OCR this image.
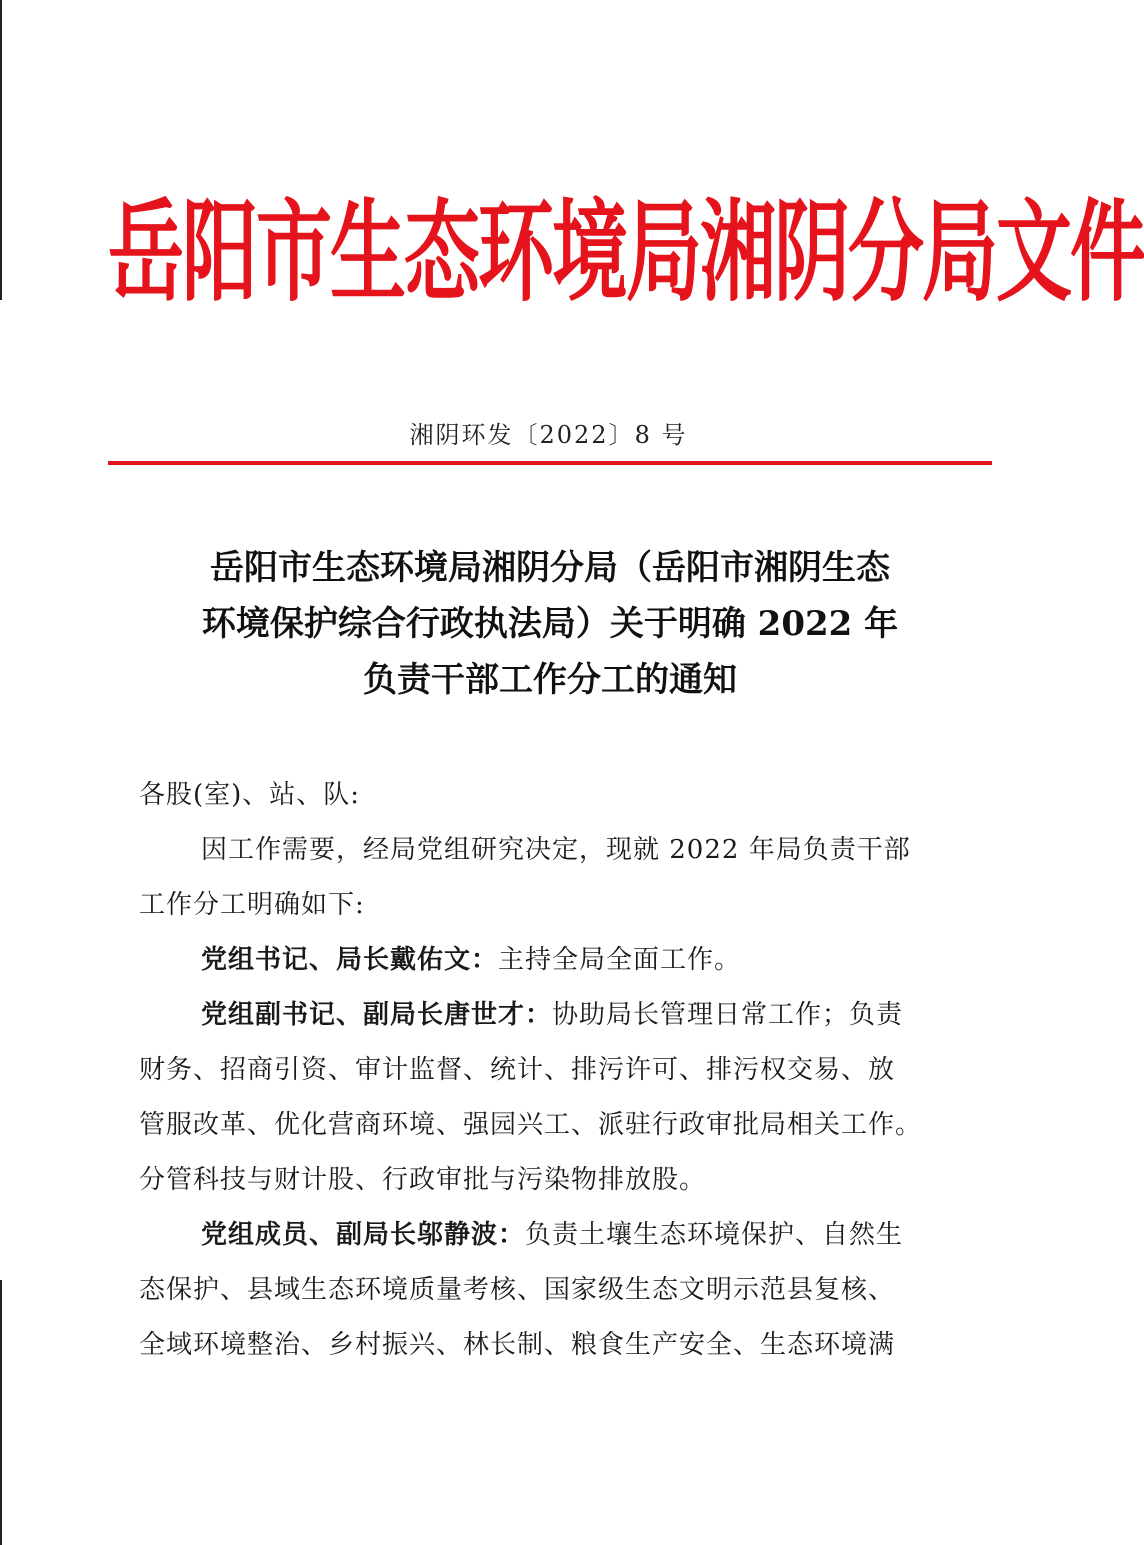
岳阳市生态环境局湘阴分局文件
湘阴环发〔2022〕8 号
岳阳市生态环境局湘阴分局（岳阳市湘阴生态
环境保护综合行政执法局）关于明确 2022 年
负责干部工作分工的通知
各股(室)、站、队:
因工作需要，经局党组研究决定，现就 2022 年局负责干部
工作分工明确如下:
党组书记、局长戴佑文：主持全局全面工作。
党组副书记、副局长唐世才：协助局长管理日常工作；负责
财务、招商引资、审计监督、统计、排污许可、排污权交易、放
管服改革、优化营商环境、强园兴工、派驻行政审批局相关工作。
分管科技与财计股、行政审批与污染物排放股。
党组成员、副局长邬静波：负责土壤生态环境保护、自然生
态保护、县域生态环境质量考核、国家级生态文明示范县复核、
全域环境整治、乡村振兴、林长制、粮食生产安全、生态环境满
